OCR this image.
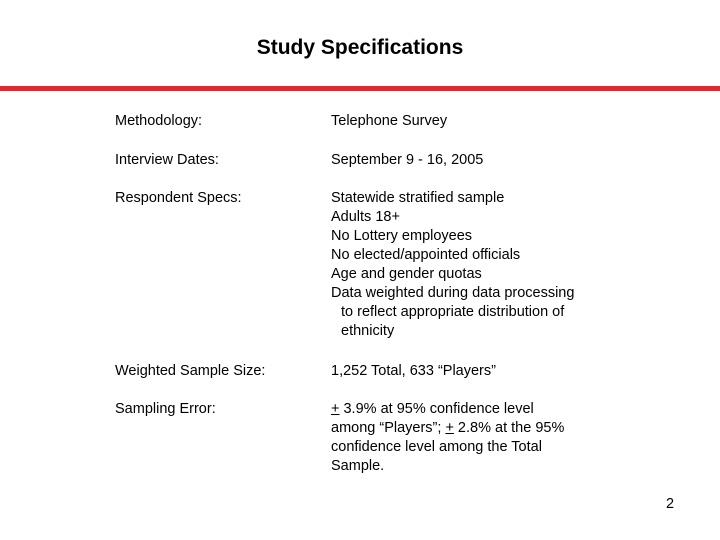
Study Specifications
Methodology:	Telephone Survey
Interview Dates:	September 9 - 16, 2005
Respondent Specs:	Statewide stratified sample
Adults 18+
No Lottery employees
No elected/appointed officials
Age and gender quotas
Data weighted during data processing
to reflect appropriate distribution of
ethnicity
Weighted Sample Size:	1,252 Total, 633 “Players”
Sampling Error:	+ 3.9% at 95% confidence level
among “Players”; + 2.8% at the 95%
confidence level among the Total
Sample.
2
